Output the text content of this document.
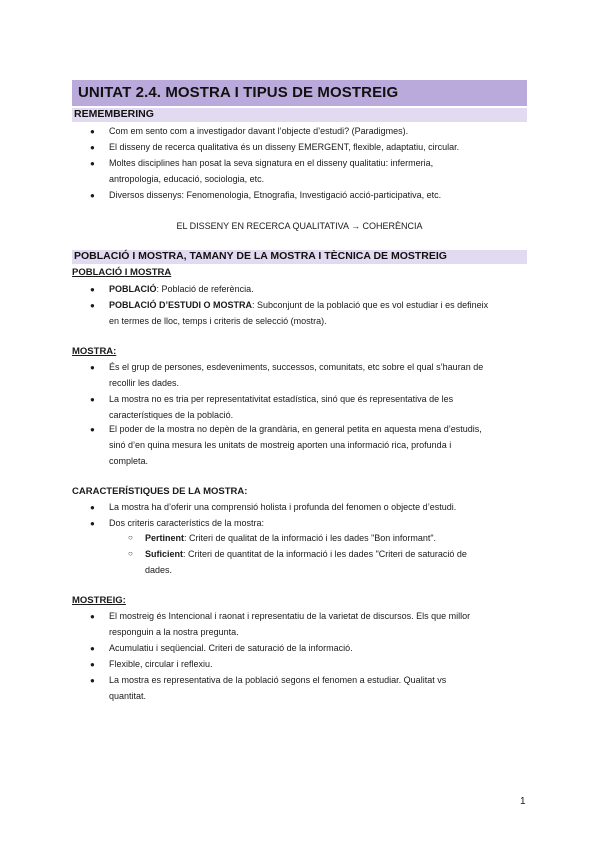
UNITAT 2.4. MOSTRA I TIPUS DE MOSTREIG
REMEMBERING
● Com em sento com a investigador davant l’objecte d’estudi? (Paradigmes).
● El disseny de recerca qualitativa és un disseny EMERGENT, flexible, adaptatiu, circular.
● Moltes disciplines han posat la seva signatura en el disseny qualitatiu: infermeria,
antropologia, educació, sociologia, etc.
● Diversos dissenys: Fenomenologia, Etnografia, Investigació acció-participativa, etc.
EL DISSENY EN RECERCA QUALITATIVA → COHERÈNCIA
POBLACIÓ I MOSTRA, TAMANY DE LA MOSTRA I TÈCNICA DE MOSTREIG
POBLACIÓ I MOSTRA
● POBLACIÓ: Població de referència.
● POBLACIÓ D’ESTUDI O MOSTRA: Subconjunt de la població que es vol estudiar i es defineix
en termes de lloc, temps i criteris de selecció (mostra).
MOSTRA:
● És el grup de persones, esdeveniments, successos, comunitats, etc sobre el qual s’hauran de
recollir les dades.
● La mostra no es tria per representativitat estadística, sinó que és representativa de les
característiques de la població.
● El poder de la mostra no depèn de la grandària, en general petita en aquesta mena d’estudis,
sinó d’en quina mesura les unitats de mostreig aporten una informació rica, profunda i
completa.
CARACTERÍSTIQUES DE LA MOSTRA:
● La mostra ha d’oferir una comprensió holista i profunda del fenomen o objecte d’estudi.
● Dos criteris característics de la mostra:
○ Pertinent: Criteri de qualitat de la informació i les dades "Bon informant".
○ Suficient: Criteri de quantitat de la informació i les dades "Criteri de saturació de
dades.
MOSTREIG:
● El mostreig és Intencional i raonat i representatiu de la varietat de discursos. Els que millor
responguin a la nostra pregunta.
● Acumulatiu i seqüencial. Criteri de saturació de la informació.
● Flexible, circular i reflexiu.
● La mostra es representativa de la població segons el fenomen a estudiar. Qualitat vs
quantitat.
1
